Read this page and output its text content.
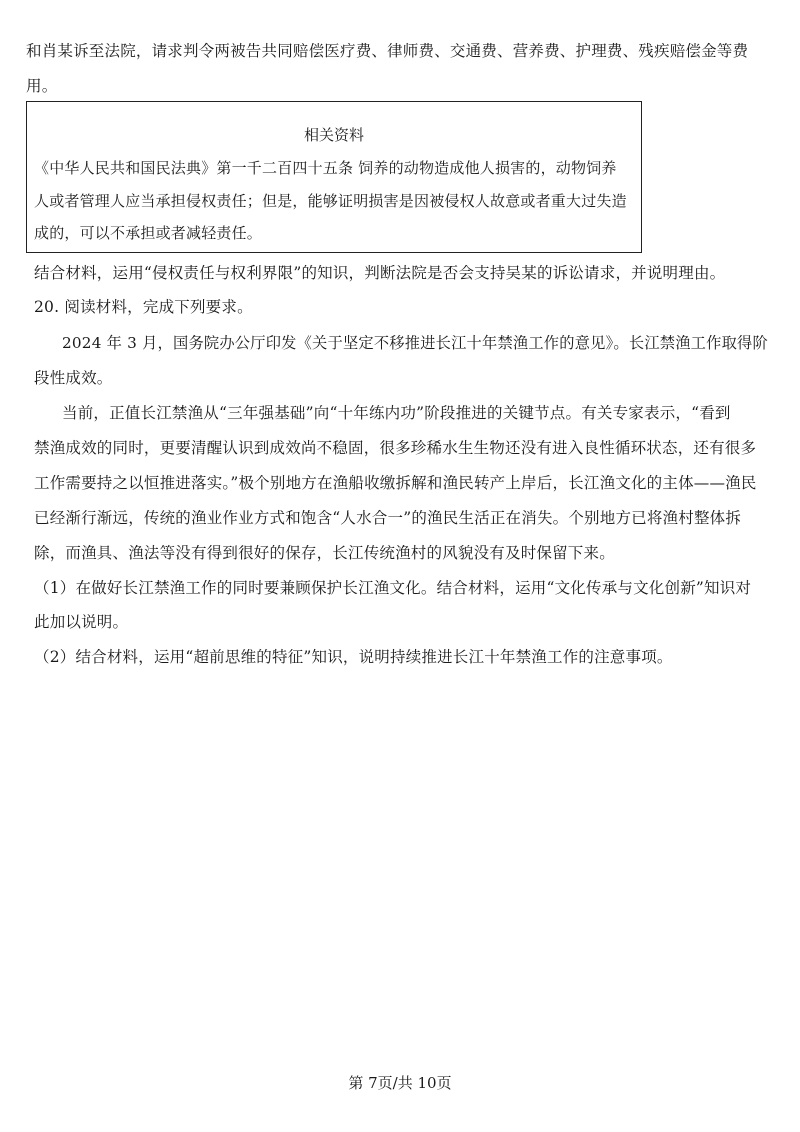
和肖某诉至法院，请求判令两被告共同赔偿医疗费、律师费、交通费、营养费、护理费、残疾赔偿金等费
用。
相关资料
《中华人民共和国民法典》第一千二百四十五条 饲养的动物造成他人损害的，动物饲养
人或者管理人应当承担侵权责任；但是，能够证明损害是因被侵权人故意或者重大过失造
成的，可以不承担或者减轻责任。
结合材料，运用“侵权责任与权利界限”的知识，判断法院是否会支持吴某的诉讼请求，并说明理由。
20. 阅读材料，完成下列要求。
2024 年 3 月，国务院办公厅印发《关于坚定不移推进长江十年禁渔工作的意见》。长江禁渔工作取得阶
段性成效。
当前，正值长江禁渔从“三年强基础”向“十年练内功”阶段推进的关键节点。有关专家表示，“看到
禁渔成效的同时，更要清醒认识到成效尚不稳固，很多珍稀水生生物还没有进入良性循环状态，还有很多
工作需要持之以恒推进落实。”极个别地方在渔船收缴拆解和渔民转产上岸后，长江渔文化的主体——渔民
已经渐行渐远，传统的渔业作业方式和饱含“人水合一”的渔民生活正在消失。个别地方已将渔村整体拆
除，而渔具、渔法等没有得到很好的保存，长江传统渔村的风貌没有及时保留下来。
（1）在做好长江禁渔工作的同时要兼顾保护长江渔文化。结合材料，运用“文化传承与文化创新”知识对
此加以说明。
（2）结合材料，运用“超前思维的特征”知识，说明持续推进长江十年禁渔工作的注意事项。
第 7页/共 10页
